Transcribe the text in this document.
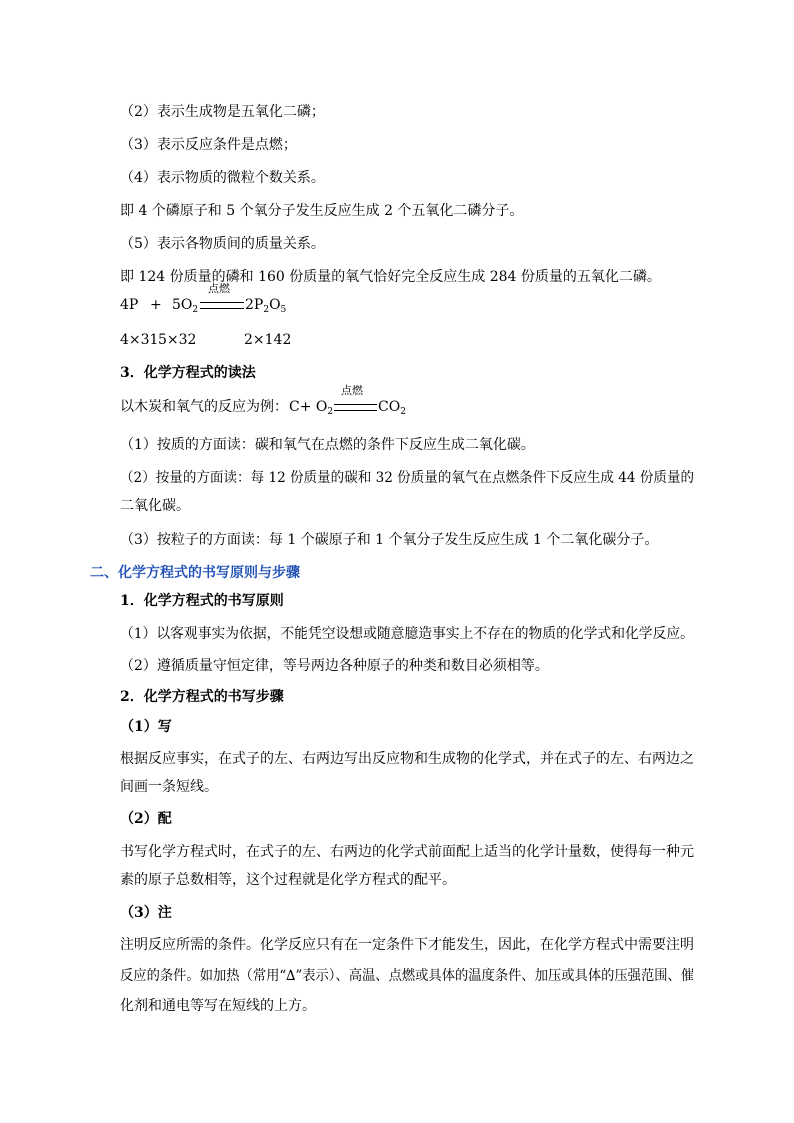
（2）表示生成物是五氧化二磷；
（3）表示反应条件是点燃；
（4）表示物质的微粒个数关系。
即 4 个磷原子和 5 个氧分子发生反应生成 2 个五氧化二磷分子。
（5）表示各物质间的质量关系。
即 124 份质量的磷和 160 份质量的氧气恰好完全反应生成 284 份质量的五氧化二磷。
$4P + 5O_2$
点燃
$2P_2O_5$
4×31 5×32	2×142
3．化学方程式的读法
以木炭和氧气的反应为例： $C+ O_2$
点燃
$CO_2$
（1）按质的方面读：碳和氧气在点燃的条件下反应生成二氧化碳。
（2）按量的方面读：每 12 份质量的碳和 32 份质量的氧气在点燃条件下反应生成 44 份质量的
二氧化碳。
（3）按粒子的方面读：每 1 个碳原子和 1 个氧分子发生反应生成 1 个二氧化碳分子。
二、化学方程式的书写原则与步骤
1．化学方程式的书写原则
（1）以客观事实为依据，不能凭空设想或随意臆造事实上不存在的物质的化学式和化学反应。
（2）遵循质量守恒定律，等号两边各种原子的种类和数目必须相等。
2．化学方程式的书写步骤
（1）写
根据反应事实，在式子的左、右两边写出反应物和生成物的化学式，并在式子的左、右两边之
间画一条短线。
（2）配
书写化学方程式时，在式子的左、右两边的化学式前面配上适当的化学计量数，使得每一种元
素的原子总数相等，这个过程就是化学方程式的配平。
（3）注
注明反应所需的条件。化学反应只有在一定条件下才能发生，因此，在化学方程式中需要注明
反应的条件。如加热（常用“∆”表示）、高温、点燃或具体的温度条件、加压或具体的压强范围、催
化剂和通电等写在短线的上方。
